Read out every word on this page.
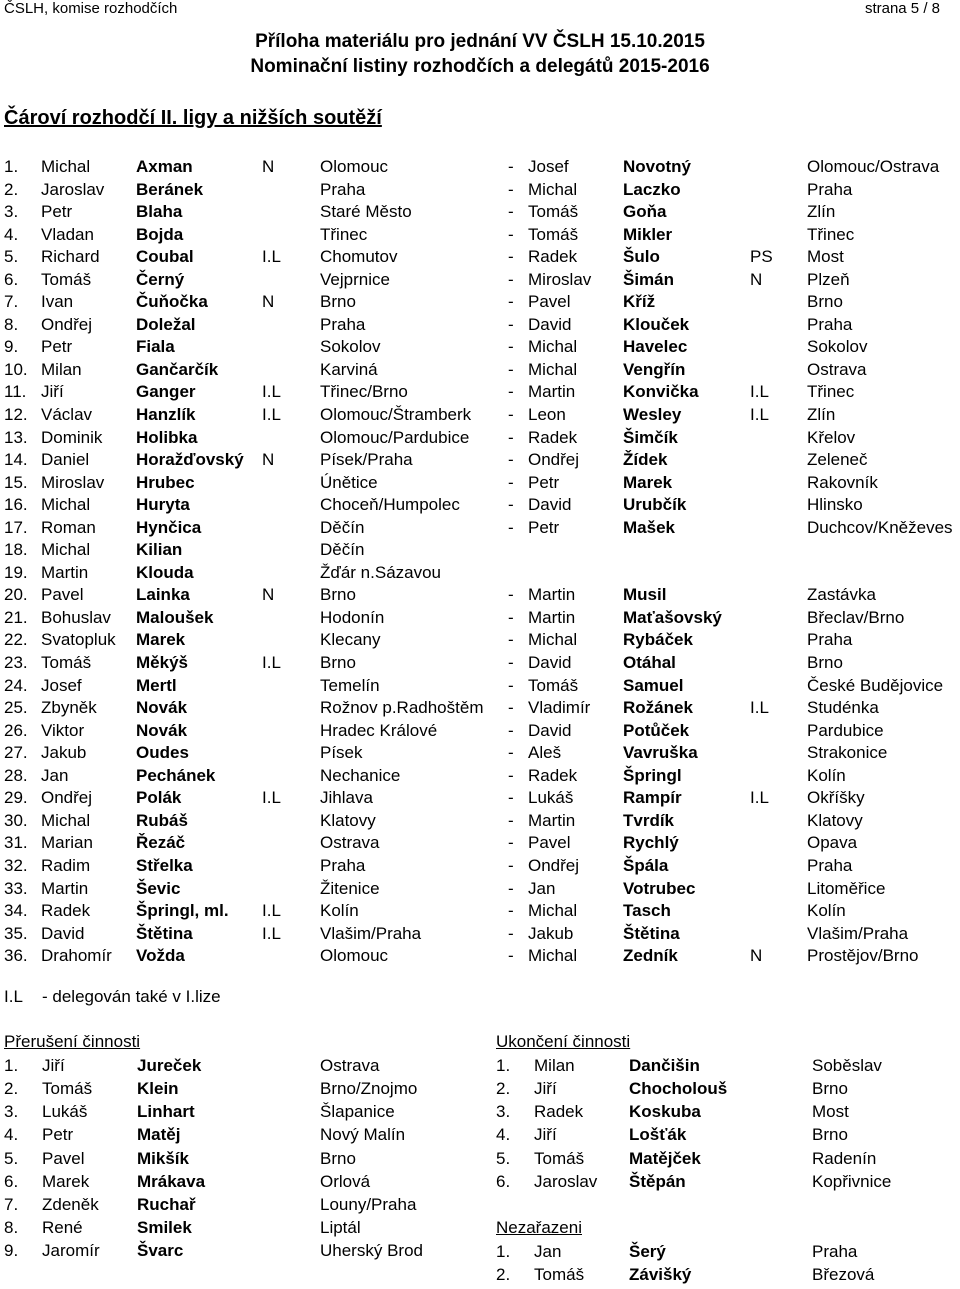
ČSLH, komise rozhodčích	strana 5 / 8
Příloha materiálu pro jednání VV ČSLH 15.10.2015
Nominační listiny rozhodčích a delegátů 2015-2016
Čároví rozhodčí II. ligy a nižších soutěží
1. Michal	Axman	N	Olomouc	- Josef	Novotný	Olomouc/Ostrava
2. Jaroslav Beránek	Praha	- Michal	Laczko	Praha
3. Petr	Blaha	Staré Město	- Tomáš	Goňa	Zlín
4. Vladan Bojda	Třinec	- Tomáš	Mikler	Třinec
5. Richard Coubal	I.L Chomutov	- Radek	Šulo	PS Most
6. Tomáš	Černý	Vejprnice	- Miroslav Šimán	N	Plzeň
7. Ivan	Čuňočka	N	Brno	- Pavel	Kříž	Brno
8. Ondřej	Doležal	Praha	- David	Klouček	Praha
9. Petr	Fiala	Sokolov	- Michal	Havelec	Sokolov
10. Milan	Gančarčík	Karviná	- Michal	Vengřín	Ostrava
11. Jiří	Ganger	I.L Třinec/Brno	- Martin	Konvička	I.L Třinec
12. Václav	Hanzlík	I.L Olomouc/Štramberk - Leon	Wesley	I.L Zlín
13. Dominik Holibka	Olomouc/Pardubice - Radek	Šimčík	Křelov
14. Daniel	Horažďovský N	Písek/Praha	- Ondřej	Žídek	Zeleneč
15. Miroslav Hrubec	Únětice	- Petr	Marek	Rakovník
16. Michal	Huryta	Choceň/Humpolec	- David	Urubčík	Hlinsko
17. Roman Hynčica	Děčín	- Petr	Mašek	Duchcov/Kněževes
18. Michal	Kilian	Děčín
19. Martin	Klouda	Žďár n.Sázavou
20. Pavel	Lainka	N	Brno	- Martin	Musil	Zastávka
21. Bohuslav Maloušek	Hodonín	- Martin	Maťašovský	Břeclav/Brno
22. Svatopluk Marek	Klecany	- Michal	Rybáček	Praha
23. Tomáš	Měkýš	I.L Brno	- David	Otáhal	Brno
24. Josef	Mertl	Temelín	- Tomáš	Samuel	České Budějovice
25. Zbyněk Novák	Rožnov p.Radhoštěm - Vladimír Rožánek	I.L Studénka
26. Viktor	Novák	Hradec Králové	- David	Potůček	Pardubice
27. Jakub	Oudes	Písek	- Aleš	Vavruška	Strakonice
28. Jan	Pechánek	Nechanice	- Radek	Špringl	Kolín
29. Ondřej	Polák	I.L Jihlava	- Lukáš	Rampír	I.L Okříšky
30. Michal	Rubáš	Klatovy	- Martin	Tvrdík	Klatovy
31. Marian	Řezáč	Ostrava	- Pavel	Rychlý	Opava
32. Radim	Střelka	Praha	- Ondřej	Špála	Praha
33. Martin	Ševic	Žitenice	- Jan	Votrubec	Litoměřice
34. Radek	Špringl, ml. I.L Kolín	- Michal	Tasch	Kolín
35. David	Štětina	I.L Vlašim/Praha	- Jakub	Štětina	Vlašim/Praha
36. Drahomír Vožda	Olomouc	- Michal	Zedník	N	Prostějov/Brno
I.L - delegován také v I.lize
Přerušení činnosti
1. Jiří	Jureček	Ostrava
2. Tomáš	Klein	Brno/Znojmo
3. Lukáš	Linhart	Šlapanice
4. Petr	Matěj	Nový Malín
5. Pavel	Mikšík	Brno
6. Marek	Mrákava	Orlová
7. Zdeněk Ruchař	Louny/Praha
8. René	Smilek	Liptál
9. Jaromír Švarc	Uherský Brod
Ukončení činnosti
1. Milan	Dančišin	Soběslav
2. Jiří	Chocholouš	Brno
3. Radek	Koskuba	Most
4. Jiří	Lošťák	Brno
5. Tomáš	Matějček	Radenín
6. Jaroslav Štěpán	Kopřivnice
Nezařazeni
1. Jan	Šerý	Praha
2. Tomáš	Závišký	Březová
